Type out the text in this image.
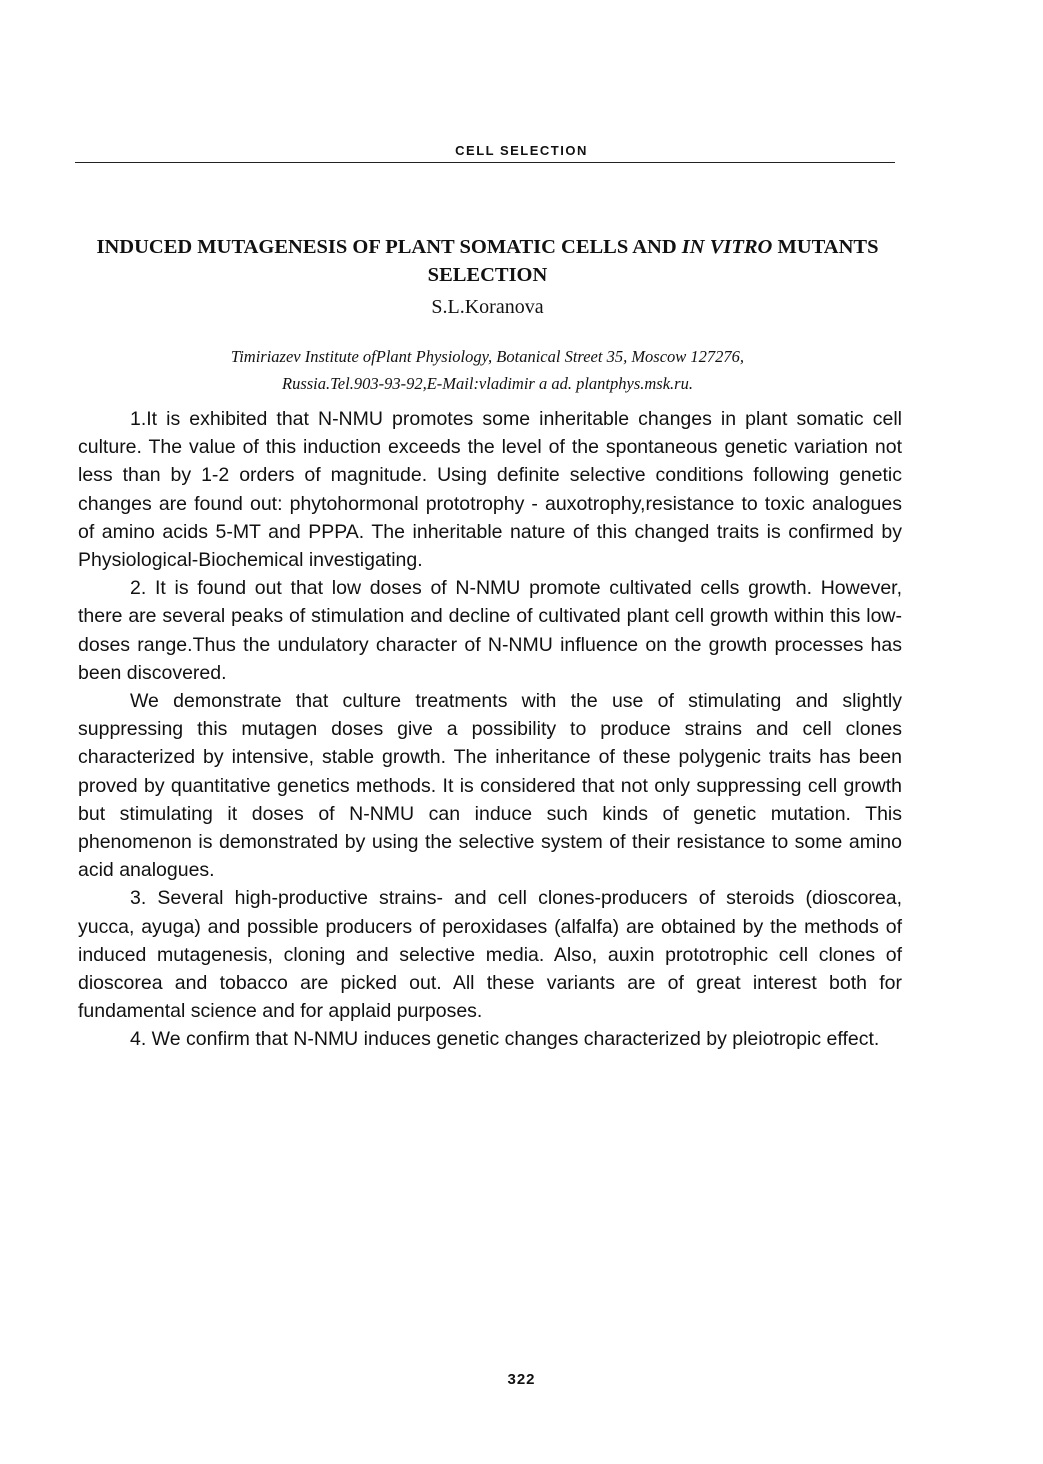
CELL SELECTION
INDUCED MUTAGENESIS OF PLANT SOMATIC CELLS AND IN VITRO MUTANTS SELECTION
S.L.Koranova
Timiriazev Institute ofPlant Physiology, Botanical Street 35, Moscow 127276,
Russia.Tel.903-93-92,E-Mail:vladimir a ad. plantphys.msk.ru.

1.It is exhibited that N-NMU promotes some inheritable changes in plant somatic cell culture. The value of this induction exceeds the level of the spontaneous genetic variation not less than by 1-2 orders of magnitude. Using definite selective conditions following genetic changes are found out: phytohormonal prototrophy - auxotrophy,resistance to toxic analogues of amino acids 5-MT and PPPA. The inheritable nature of this changed traits is confirmed by Physiological-Biochemical investigating.

2. It is found out that low doses of N-NMU promote cultivated cells growth. However, there are several peaks of stimulation and decline of cultivated plant cell growth within this low-doses range.Thus the undulatory character of N-NMU influence on the growth processes has been discovered.

We demonstrate that culture treatments with the use of stimulating and slightly suppressing this mutagen doses give a possibility to produce strains and cell clones characterized by intensive, stable growth. The inheritance of these polygenic traits has been proved by quantitative genetics methods. It is considered that not only suppressing cell growth but stimulating it doses of N-NMU can induce such kinds of genetic mutation. This phenomenon is demonstrated by using the selective system of their resistance to some amino acid analogues.

3. Several high-productive strains- and cell clones-producers of steroids (dioscorea, yucca, ayuga) and possible producers of peroxidases (alfalfa) are obtained by the methods of induced mutagenesis, cloning and selective media. Also, auxin prototrophic cell clones of dioscorea and tobacco are picked out. All these variants are of great interest both for fundamental science and for applaid purposes.

4. We confirm that N-NMU induces genetic changes characterized by pleiotropic effect.

322
